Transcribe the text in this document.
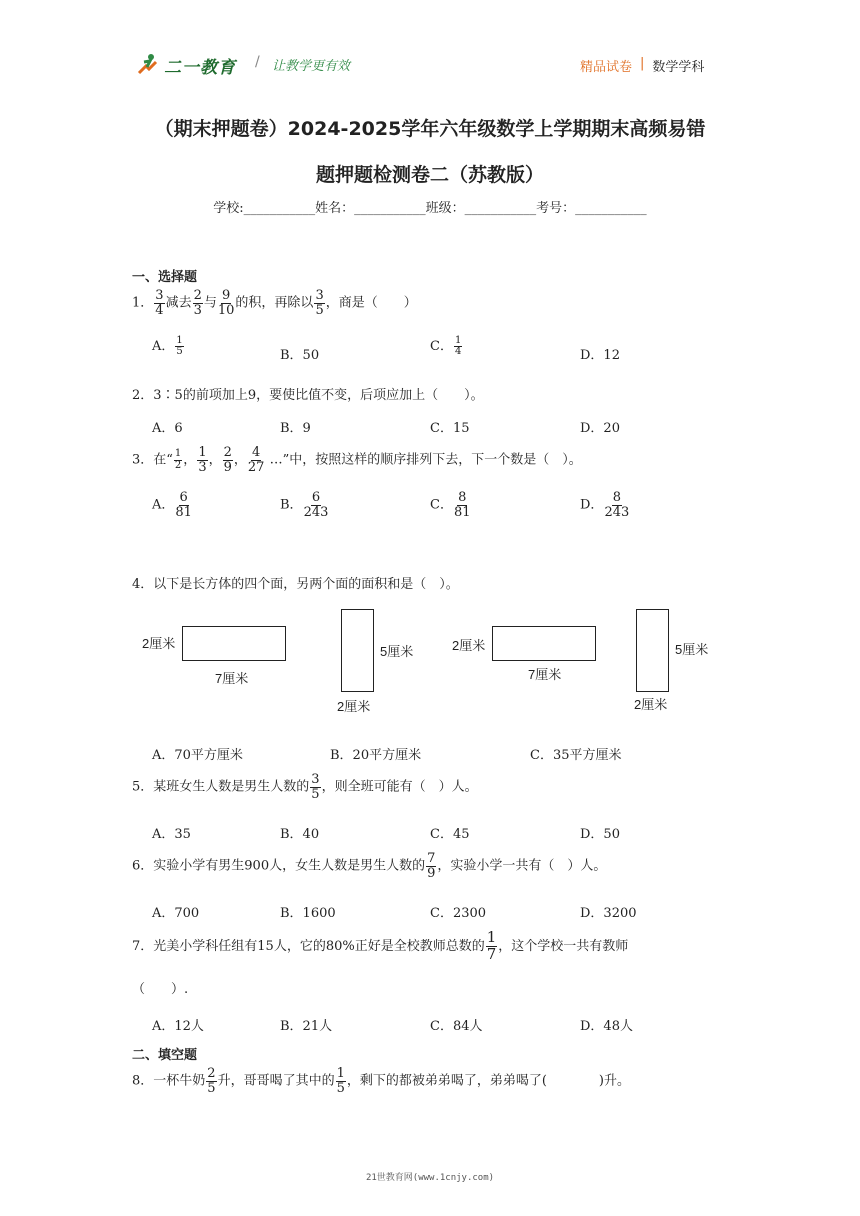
二一教育 / 让教学更有效	精品试卷 | 数学学科
（期末押题卷）2024-2025学年六年级数学上学期期末高频易错
题押题检测卷二（苏教版）
学校:___________姓名：___________班级：___________考号：___________
一、选择题
1． $\frac{3}{4}$ 减去 $\frac{2}{3}$ 与 $\frac{9}{10}$ 的积，再除以 $\frac{3}{5}$ ，商是（　　）
A． $\frac{1}{5}$	B．50
C． $\frac{1}{4}$	D．12
2．3∶5的前项加上9，要使比值不变，后项应加上（　　）。
A．6	B．9	C．15	D．20
3．在“ $\frac{1}{2}$ ， $\frac{1}{3}$ ， $\frac{2}{9}$ ， $\frac{4}{27}$ …”中，按照这样的顺序排列下去，下一个数是（　）。
A． $\frac{6}{81}$	B． $\frac{6}{243}$	C． $\frac{8}{81}$	D． $\frac{8}{243}$
4．以下是长方体的四个面，另两个面的面积和是（　）。
2厘米
7厘米
5厘米
2厘米
2厘米
7厘米
5厘米
2厘米
A．70平方厘米	B．20平方厘米	C．35平方厘米
5．某班女生人数是男生人数的 $\frac{3}{5}$ ，则全班可能有（　）人。
A．35	B．40	C．45	D．50
6．实验小学有男生900人，女生人数是男生人数的 $\frac{7}{9}$ ，实验小学一共有（　）人。
A．700	B．1600	C．2300	D．3200
7．光美小学科任组有15人，它的80%正好是全校教师总数的 $\frac{1}{7}$ ，这个学校一共有教师
（　　）.
A．12人	B．21人	C．84人	D．48人
二、填空题
8．一杯牛奶 $\frac{2}{5}$ 升，哥哥喝了其中的 $\frac{1}{5}$ ，剩下的都被弟弟喝了，弟弟喝了(　　　　)升。
21世教育网(www.1cnjy.com)
